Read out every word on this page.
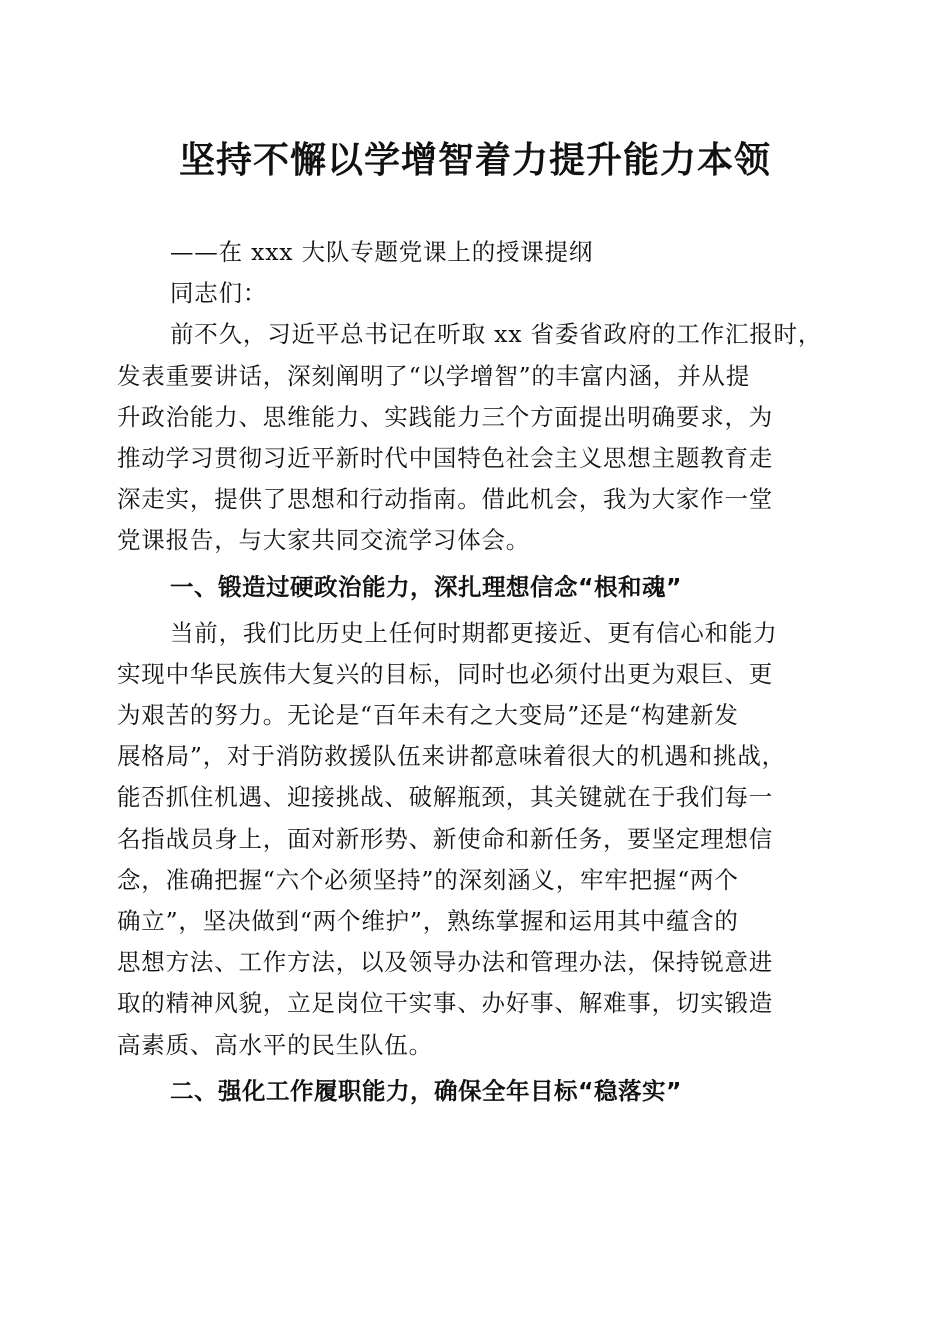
坚持不懈以学增智着力提升能力本领
——在 xxx 大队专题党课上的授课提纲
同志们：
前不久，习近平总书记在听取 xx 省委省政府的工作汇报时，
发表重要讲话，深刻阐明了“以学增智”的丰富内涵，并从提
升政治能力、思维能力、实践能力三个方面提出明确要求，为
推动学习贯彻习近平新时代中国特色社会主义思想主题教育走
深走实，提供了思想和行动指南。借此机会，我为大家作一堂
党课报告，与大家共同交流学习体会。
一、锻造过硬政治能力，深扎理想信念“根和魂”
当前，我们比历史上任何时期都更接近、更有信心和能力
实现中华民族伟大复兴的目标，同时也必须付出更为艰巨、更
为艰苦的努力。无论是“百年未有之大变局”还是“构建新发
展格局”，对于消防救援队伍来讲都意味着很大的机遇和挑战，
能否抓住机遇、迎接挑战、破解瓶颈，其关键就在于我们每一
名指战员身上，面对新形势、新使命和新任务，要坚定理想信
念，准确把握“六个必须坚持”的深刻涵义，牢牢把握“两个
确立”，坚决做到“两个维护”，熟练掌握和运用其中蕴含的
思想方法、工作方法，以及领导办法和管理办法，保持锐意进
取的精神风貌，立足岗位干实事、办好事、解难事，切实锻造
高素质、高水平的民生队伍。
二、强化工作履职能力，确保全年目标“稳落实”
